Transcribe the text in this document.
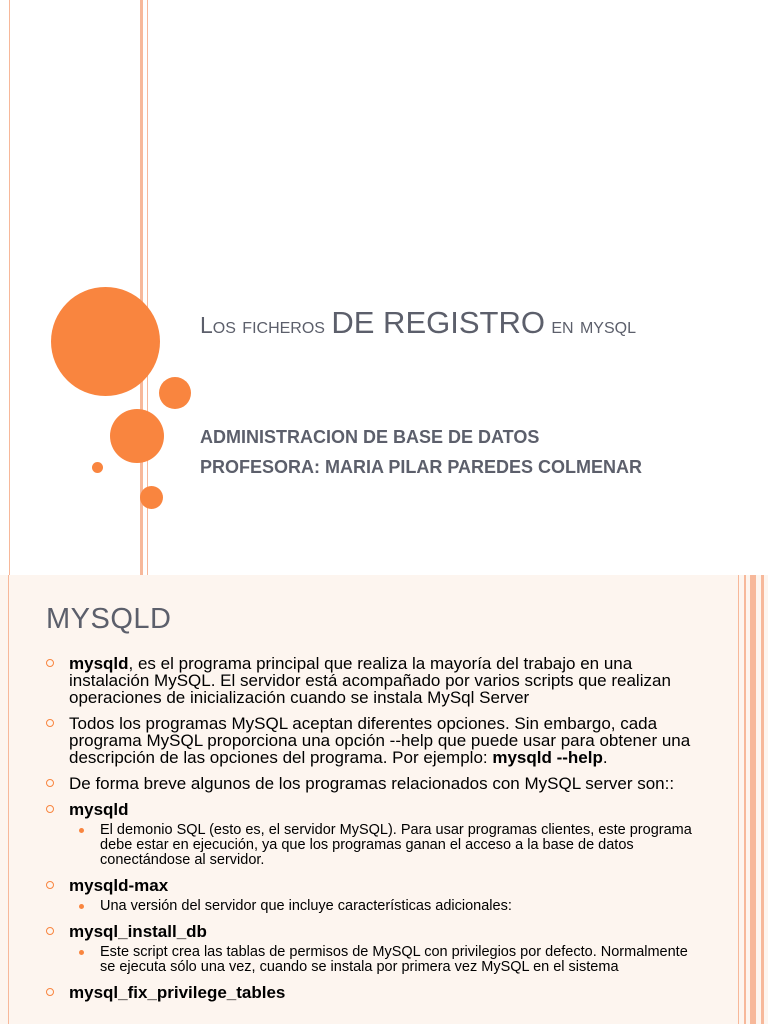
Los ficheros DE REGISTRO en mysql
ADMINISTRACION DE BASE DE DATOS
PROFESORA: MARIA PILAR PAREDES COLMENAR
MYSQLD
mysqld, es el programa principal que realiza la mayoría del trabajo en una instalación MySQL. El servidor está acompañado por varios scripts que realizan operaciones de inicialización cuando se instala MySql Server
Todos los programas MySQL aceptan diferentes opciones. Sin embargo, cada programa MySQL proporciona una opción --help que puede usar para obtener una descripción de las opciones del programa. Por ejemplo: mysqld --help.
De forma breve algunos de los programas relacionados con MySQL server son::
mysqld
El demonio SQL (esto es, el servidor MySQL). Para usar programas clientes, este programa debe estar en ejecución, ya que los programas ganan el acceso a la base de datos conectándose al servidor.
mysqld-max
Una versión del servidor que incluye características adicionales:
mysql_install_db
Este script crea las tablas de permisos de MySQL con privilegios por defecto. Normalmente se ejecuta sólo una vez, cuando se instala por primera vez MySQL en el sistema
mysql_fix_privilege_tables
